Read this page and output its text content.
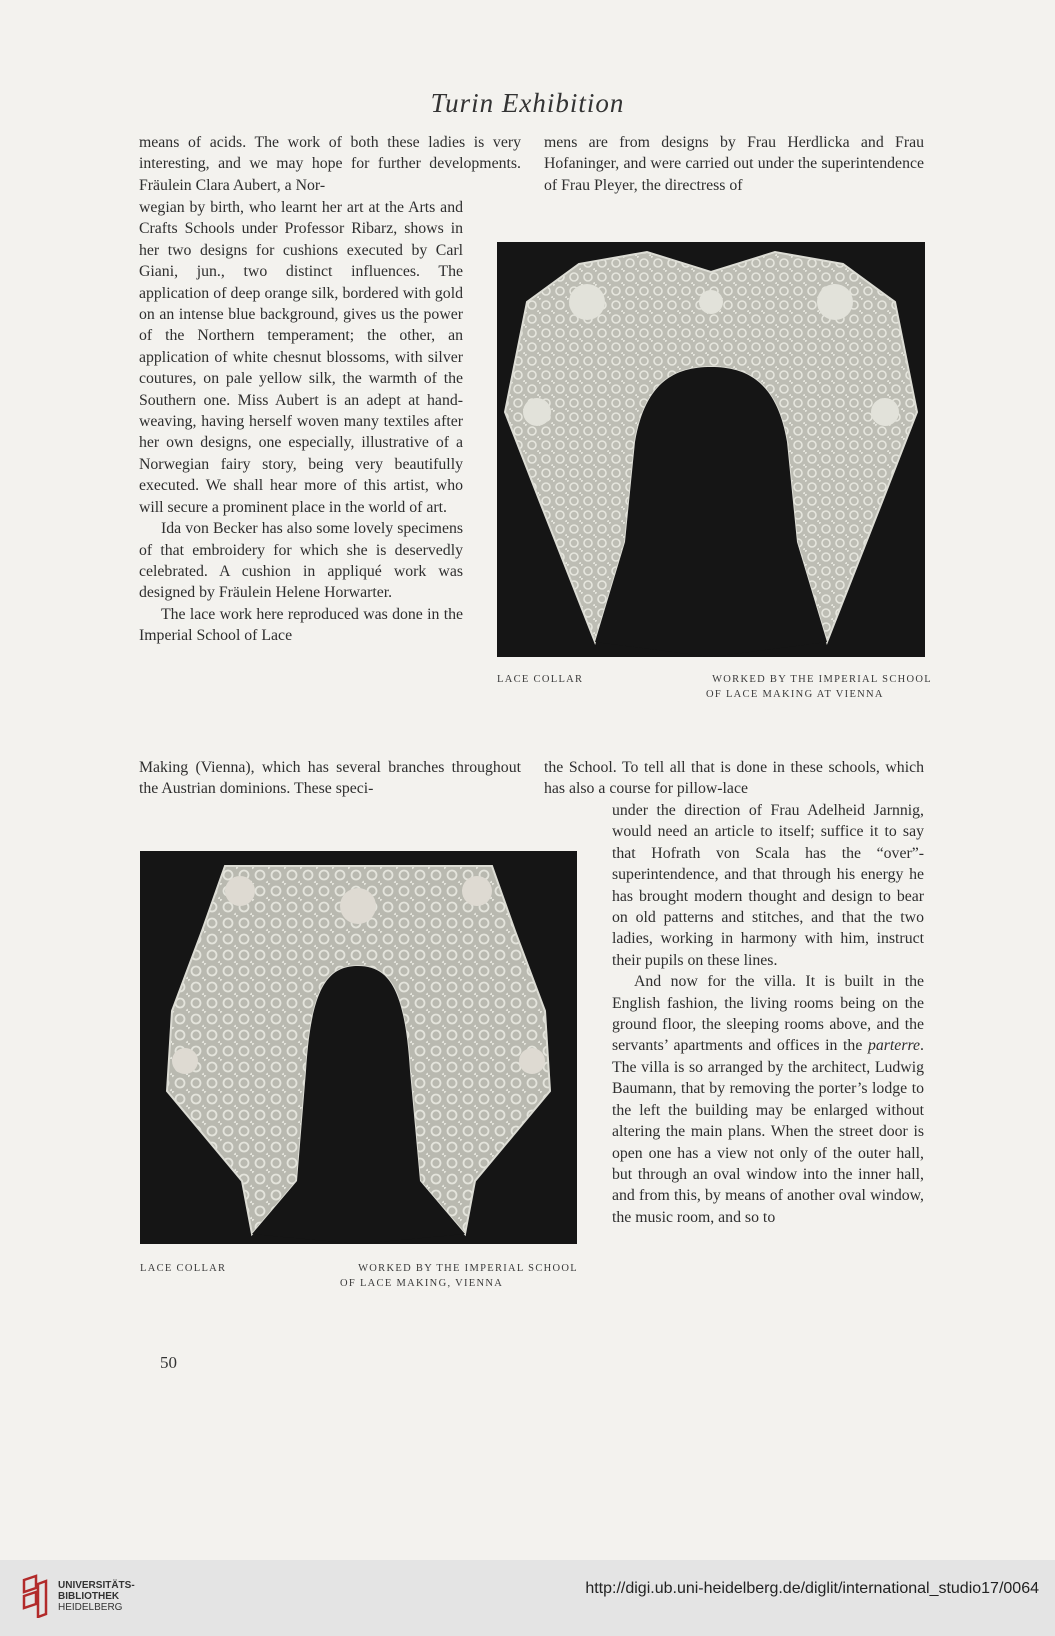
Turin Exhibition

means of acids. The work of both these ladies is very interesting, and we may hope for further developments. Fräulein Clara Aubert, a Nor-

wegian by birth, who learnt her art at the Arts and Crafts Schools under Professor Ribarz, shows in her two designs for cushions executed by Carl Giani, jun., two distinct influences. The application of deep orange silk, bordered with gold on an intense blue background, gives us the power of the Northern temperament; the other, an application of white chesnut blossoms, with silver coutures, on pale yellow silk, the warmth of the Southern one. Miss Aubert is an adept at hand-weaving, having herself woven many textiles after her own designs, one especially, illustrative of a Norwegian fairy story, being very beautifully executed. We shall hear more of this artist, who will secure a prominent place in the world of art.

Ida von Becker has also some lovely specimens of that embroidery for which she is deservedly celebrated. A cushion in appliqué work was designed by Fräulein Helene Horwarter.

The lace work here reproduced was done in the Imperial School of Lace

Making (Vienna), which has several branches throughout the Austrian dominions. These speci-

mens are from designs by Frau Herdlicka and Frau Hofaninger, and were carried out under the superintendence of Frau Pleyer, the directress of

the School. To tell all that is done in these schools, which has also a course for pillow-lace

under the direction of Frau Adelheid Jarnnig, would need an article to itself; suffice it to say that Hofrath von Scala has the “over”-superintendence, and that through his energy he has brought modern thought and design to bear on old patterns and stitches, and that the two ladies, working in harmony with him, instruct their pupils on these lines.

And now for the villa. It is built in the English fashion, the living rooms being on the ground floor, the sleeping rooms above, and the servants’ apartments and offices in the parterre. The villa is so arranged by the architect, Ludwig Baumann, that by removing the porter’s lodge to the left the building may be enlarged without altering the main plans. When the street door is open one has a view not only of the outer hall, but through an oval window into the inner hall, and from this, by means of another oval window, the music room, and so to

LACE COLLAR	WORKED BY THE IMPERIAL SCHOOL
OF LACE MAKING AT VIENNA
LACE COLLAR	WORKED BY THE IMPERIAL SCHOOL
OF LACE MAKING, VIENNA
50
UNIVERSITÄTS-
BIBLIOTHEK
HEIDELBERG
http://digi.ub.uni-heidelberg.de/diglit/international_studio17/0064
